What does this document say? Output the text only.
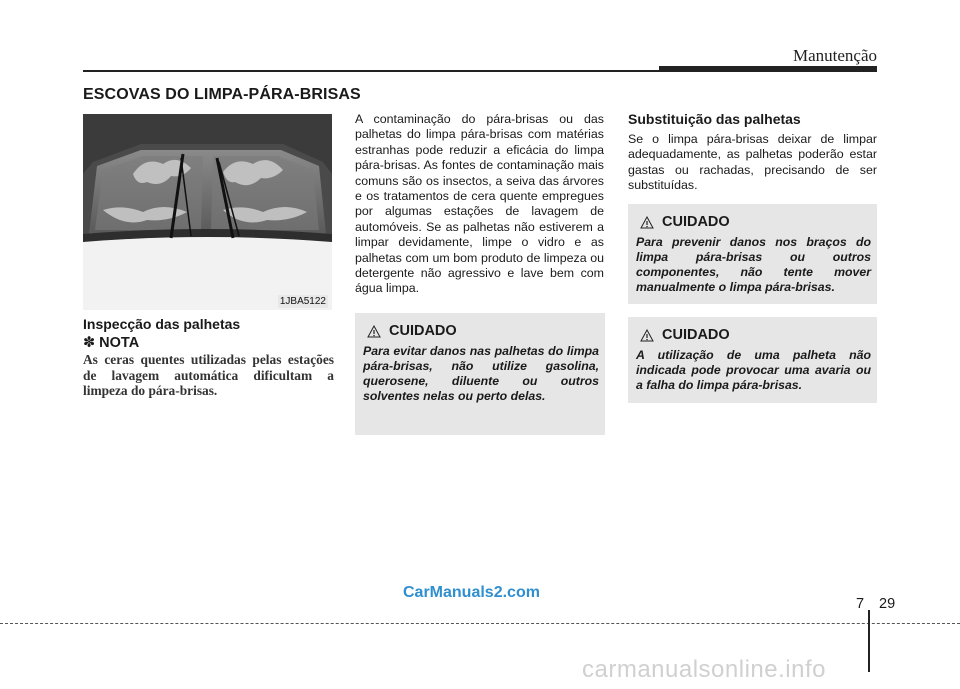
Manutenção
ESCOVAS DO LIMPA-PÁRA-BRISAS
1JBA5122
Inspecção das palhetas
✽ NOTA
As ceras quentes utilizadas pelas estações de lavagem automática dificultam a limpeza do pára-brisas.
A contaminação do pára-brisas ou das palhetas do limpa pára-brisas com matérias estranhas pode reduzir a eficácia do limpa pára-brisas. As fontes de contaminação mais comuns são os insectos, a seiva das árvores e os tratamentos de cera quente empregues por algumas estações de lavagem de automóveis. Se as palhetas não estiverem a limpar devidamente, limpe o vidro e as palhetas com um bom produto de limpeza ou detergente não agressivo e lave bem com água limpa.
CUIDADO
Para evitar danos nas palhetas do limpa pára-brisas, não utilize gasolina, querosene, diluente ou outros solventes nelas ou perto delas.
Substituição das palhetas
Se o limpa pára-brisas deixar de limpar adequadamente, as palhetas poderão estar gastas ou rachadas, precisando de ser substituídas.
CUIDADO
Para prevenir danos nos braços do limpa pára-brisas ou outros componentes, não tente mover manualmente o limpa pára-brisas.
CUIDADO
A utilização de uma palheta não indicada pode provocar uma avaria ou a falha do limpa pára-brisas.
CarManuals2.com
7 29
carmanualsonline.info
